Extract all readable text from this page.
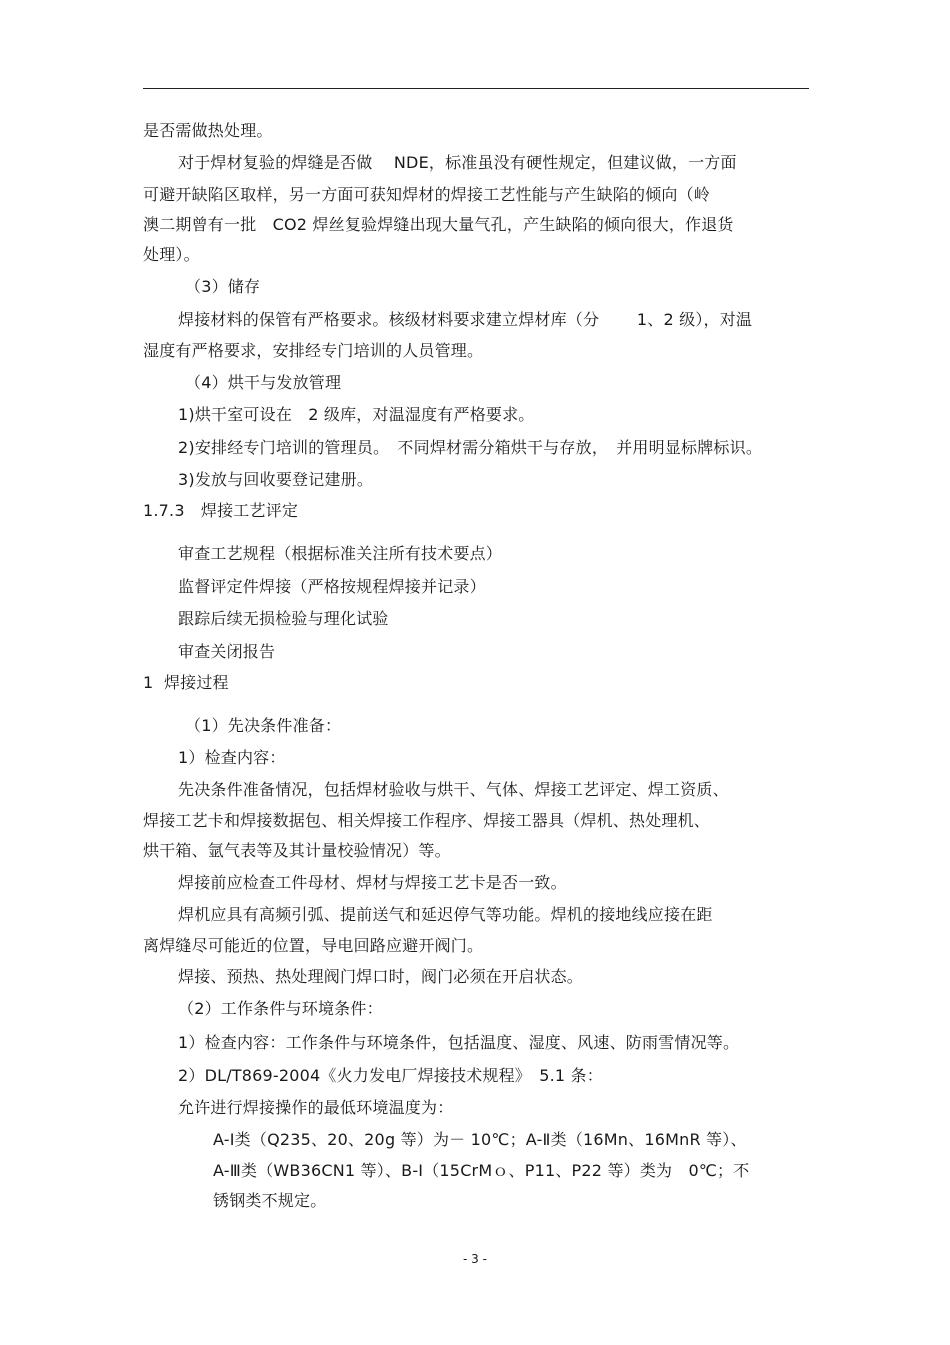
是否需做热处理。
对于焊材复验的焊缝是否做　 NDE，标准虽没有硬性规定，但建议做，一方面
可避开缺陷区取样，另一方面可获知焊材的焊接工艺性能与产生缺陷的倾向（岭
澳二期曾有一批　CO2 焊丝复验焊缝出现大量气孔，产生缺陷的倾向很大，作退货
处理）。
（3）储存
焊接材料的保管有严格要求。核级材料要求建立焊材库（分　　 1、2 级），对温
湿度有严格要求，安排经专门培训的人员管理。
（4）烘干与发放管理
1)烘干室可设在　2 级库，对温湿度有严格要求。
2)安排经专门培训的管理员。　不同焊材需分箱烘干与存放，　并用明显标牌标识。
3)发放与回收要登记建册。
1.7.3　焊接工艺评定
审查工艺规程（根据标准关注所有技术要点）
监督评定件焊接（严格按规程焊接并记录）
跟踪后续无损检验与理化试验
审查关闭报告
1  焊接过程
（1）先决条件准备：
1）检查内容：
先决条件准备情况，包括焊材验收与烘干、气体、焊接工艺评定、焊工资质、
焊接工艺卡和焊接数据包、相关焊接工作程序、焊接工器具（焊机、热处理机、
烘干箱、氩气表等及其计量校验情况）等。
焊接前应检查工件母材、焊材与焊接工艺卡是否一致。
焊机应具有高频引弧、提前送气和延迟停气等功能。焊机的接地线应接在距
离焊缝尽可能近的位置，导电回路应避开阀门。
焊接、预热、热处理阀门焊口时，阀门必须在开启状态。
（2）工作条件与环境条件：
1）检查内容：工作条件与环境条件，包括温度、湿度、风速、防雨雪情况等。
2）DL/T869-2004《火力发电厂焊接技术规程》　5.1 条：
允许进行焊接操作的最低环境温度为：
A-Ⅰ类（Q235、20、20g 等）为－ 10℃；A-Ⅱ类（16Mn、16MnR 等）、
A-Ⅲ类（WB36CN1 等）、B-Ⅰ（15CrMｏ、P11、P22 等）类为　0℃；不
锈钢类不规定。
- 3 -
